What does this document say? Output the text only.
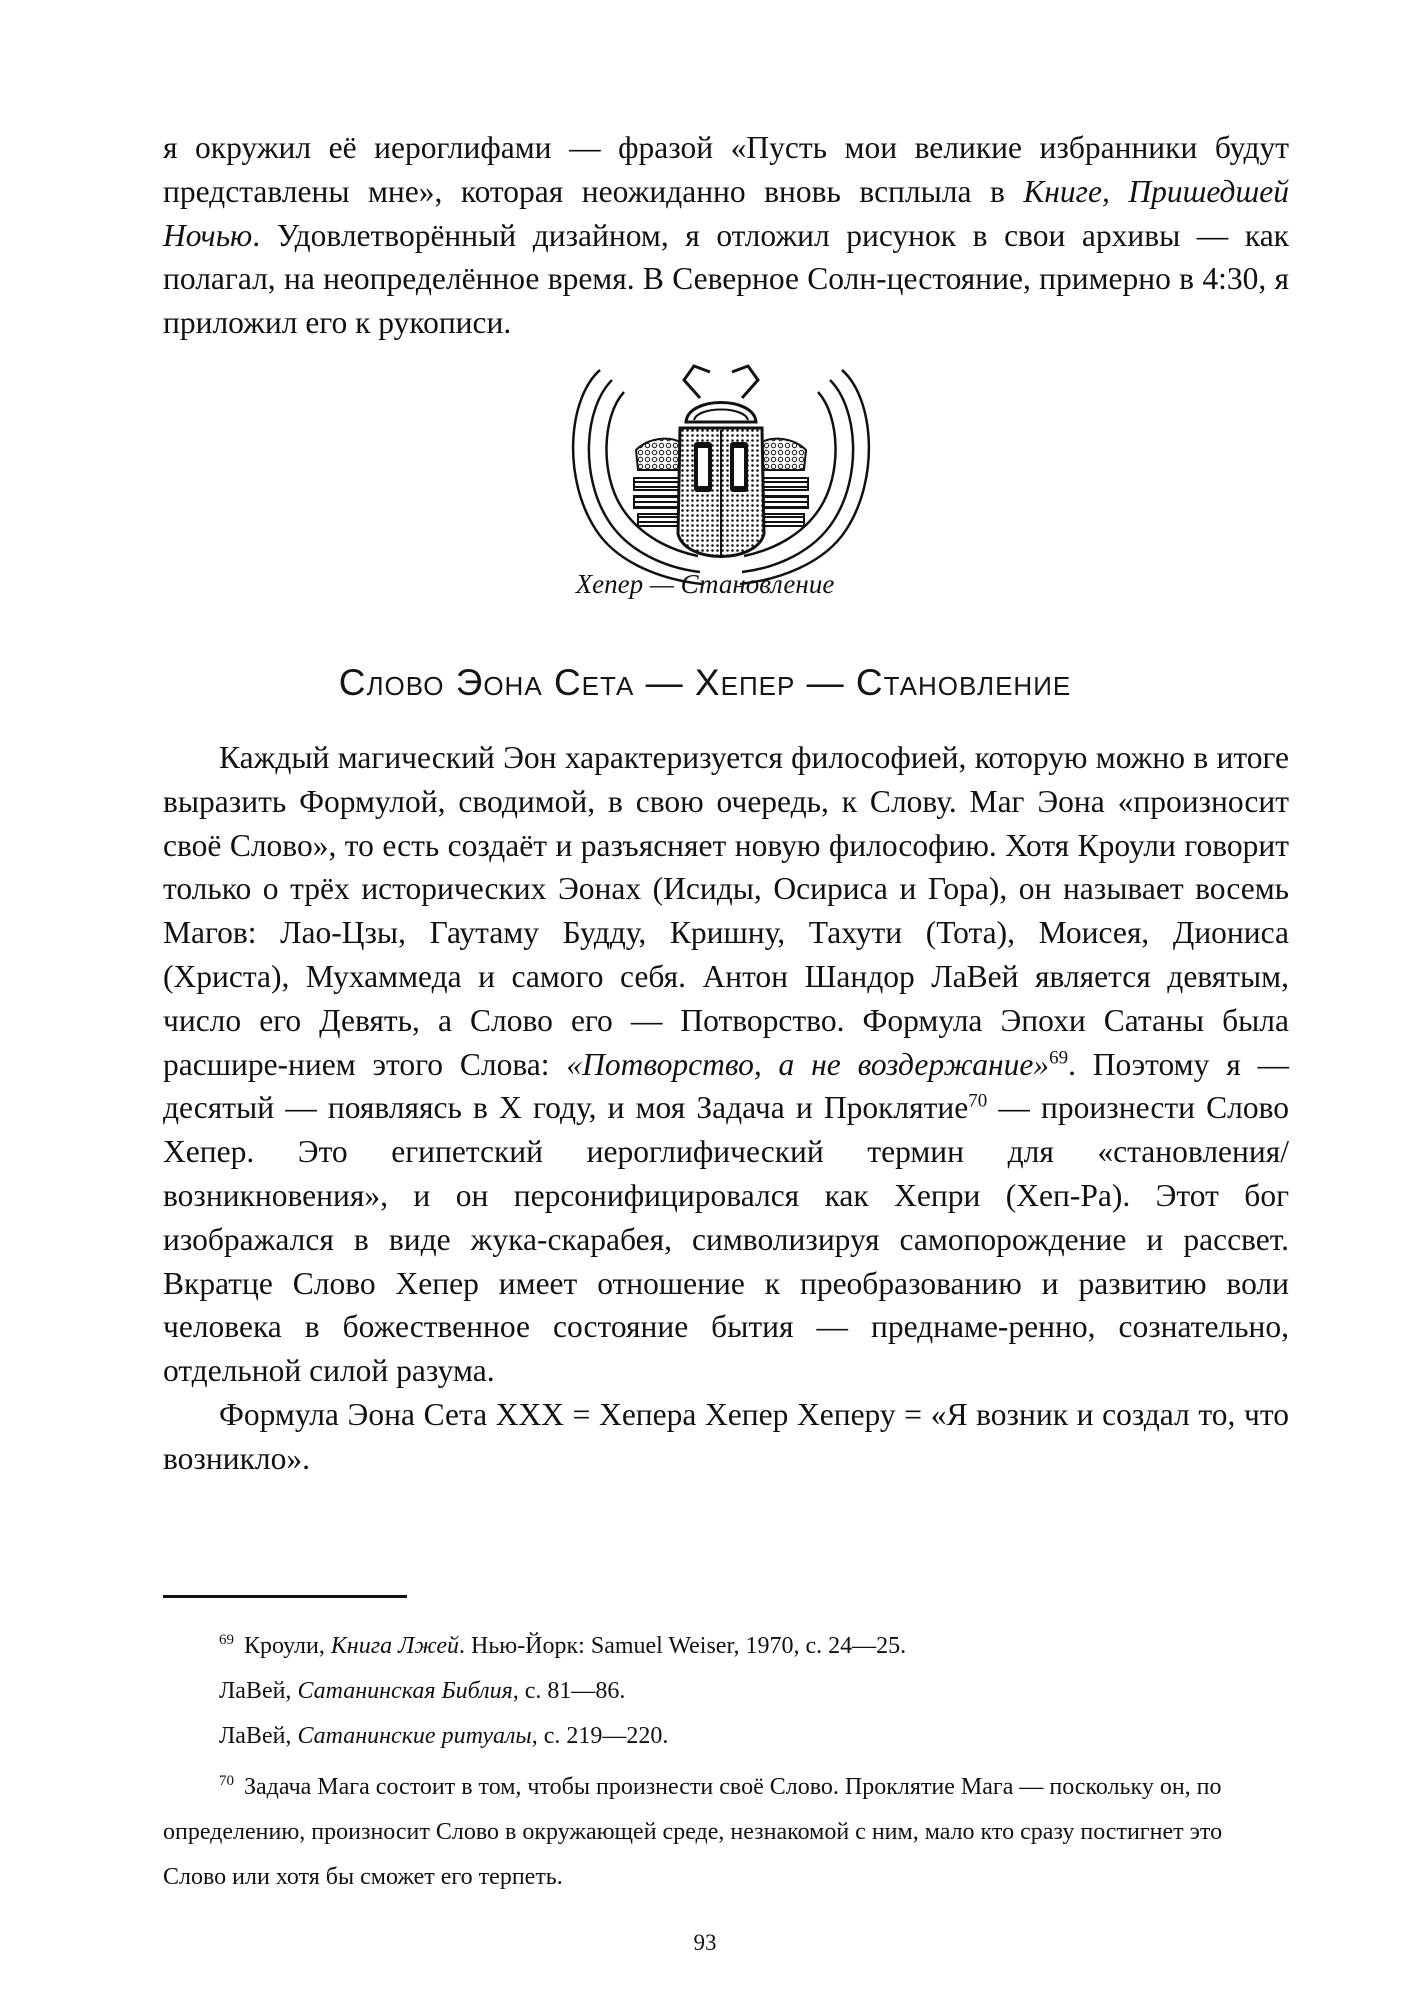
я окружил её иероглифами — фразой «Пусть мои великие избранники будут представлены мне», которая неожиданно вновь всплыла в Книге, Пришедшей Ночью. Удовлетворённый дизайном, я отложил рисунок в свои архивы — как полагал, на неопределённое время. В Северное Солн-цестояние, примерно в 4:30, я приложил его к рукописи.

Хепер — Становление
Слово Эона Сета — Хепер — Становление

Каждый магический Эон характеризуется философией, которую можно в итоге выразить Формулой, сводимой, в свою очередь, к Слову. Маг Эона «произносит своё Слово», то есть создаёт и разъясняет новую философию. Хотя Кроули говорит только о трёх исторических Эонах (Исиды, Осириса и Гора), он называет восемь Магов: Лао-Цзы, Гаутаму Будду, Кришну, Тахути (Тота), Моисея, Диониса (Христа), Мухаммеда и самого себя. Антон Шандор ЛаВей является девятым, число его Девять, а Слово его — Потворство. Формула Эпохи Сатаны была расшире-нием этого Слова: «Потворство, а не воздержание»$^{69}$. Поэтому я — десятый — появляясь в X году, и моя Задача и Проклятие$^{70}$ — произнести Слово Хепер. Это египетский иероглифический термин для «становления/возникновения», и он персонифицировался как Хепри (Хеп-Ра). Этот бог изображался в виде жука-скарабея, символизируя самопорождение и рассвет. Вкратце Слово Хепер имеет отношение к преобразованию и развитию воли человека в божественное состояние бытия — преднаме-ренно, сознательно, отдельной силой разума.

Формула Эона Сета XXX = Хепера Хепер Хеперу = «Я возник и создал то, что возникло».

$^{69}$ Кроули, Книга Лжей. Нью-Йорк: Samuel Weiser, 1970, с. 24—25.

ЛаВей, Сатанинская Библия, с. 81—86.

ЛаВей, Сатанинские ритуалы, с. 219—220.

$^{70}$ Задача Мага состоит в том, чтобы произнести своё Слово. Проклятие Мага — поскольку он, по определению, произносит Слово в окружающей среде, незнакомой с ним, мало кто сразу постигнет это Слово или хотя бы сможет его терпеть.

93
